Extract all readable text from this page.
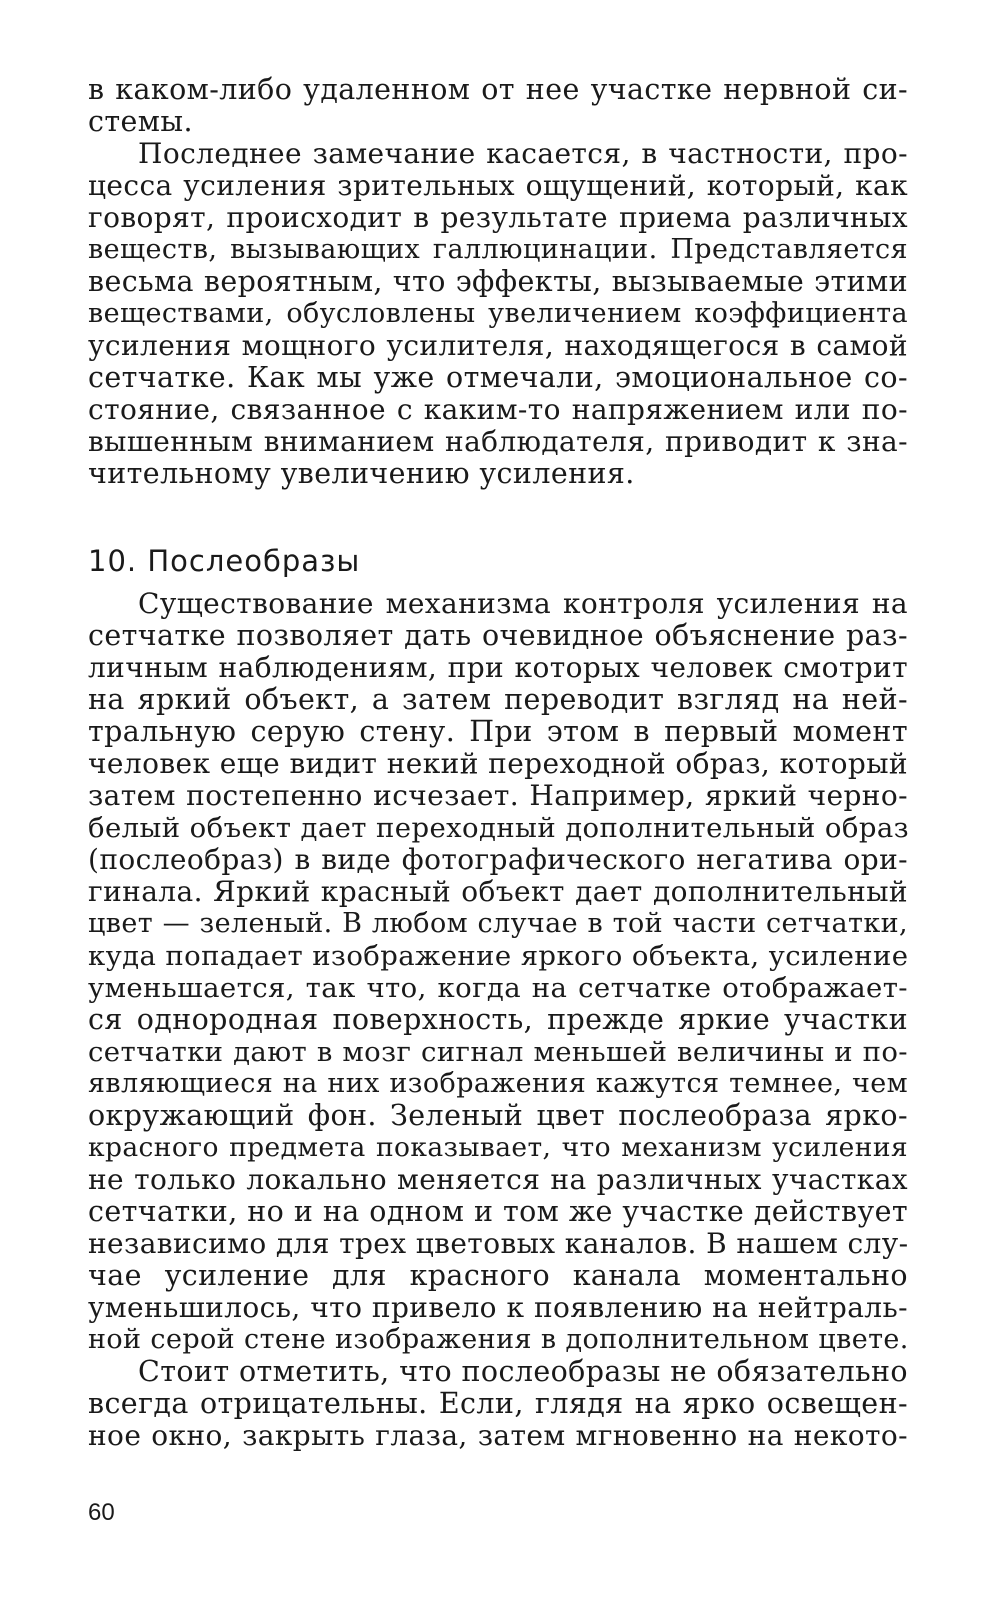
в каком-либо удаленном от нее участке нервной си-
стемы.
Последнее замечание касается, в частности, про-
цесса усиления зрительных ощущений, который, как
говорят, происходит в результате приема различных
веществ, вызывающих галлюцинации. Представляется
весьма вероятным, что эффекты, вызываемые этими
веществами, обусловлены увеличением коэффициента
усиления мощного усилителя, находящегося в самой
сетчатке. Как мы уже отмечали, эмоциональное со-
стояние, связанное с каким-то напряжением или по-
вышенным вниманием наблюдателя, приводит к зна-
чительному увеличению усиления.
10. Послеобразы
Существование механизма контроля усиления на
сетчатке позволяет дать очевидное объяснение раз-
личным наблюдениям, при которых человек смотрит
на яркий объект, а затем переводит взгляд на ней-
тральную серую стену. При этом в первый момент
человек еще видит некий переходной образ, который
затем постепенно исчезает. Например, яркий черно-
белый объект дает переходный дополнительный образ
(послеобраз) в виде фотографического негатива ори-
гинала. Яркий красный объект дает дополнительный
цвет — зеленый. В любом случае в той части сетчатки,
куда попадает изображение яркого объекта, усиление
уменьшается, так что, когда на сетчатке отображает-
ся однородная поверхность, прежде яркие участки
сетчатки дают в мозг сигнал меньшей величины и по-
являющиеся на них изображения кажутся темнее, чем
окружающий фон. Зеленый цвет послеобраза ярко-
красного предмета показывает, что механизм усиления
не только локально меняется на различных участках
сетчатки, но и на одном и том же участке действует
независимо для трех цветовых каналов. В нашем слу-
чае усиление для красного канала моментально
уменьшилось, что привело к появлению на нейтраль-
ной серой стене изображения в дополнительном цвете.
Стоит отметить, что послеобразы не обязательно
всегда отрицательны. Если, глядя на ярко освещен-
ное окно, закрыть глаза, затем мгновенно на некото-
60
